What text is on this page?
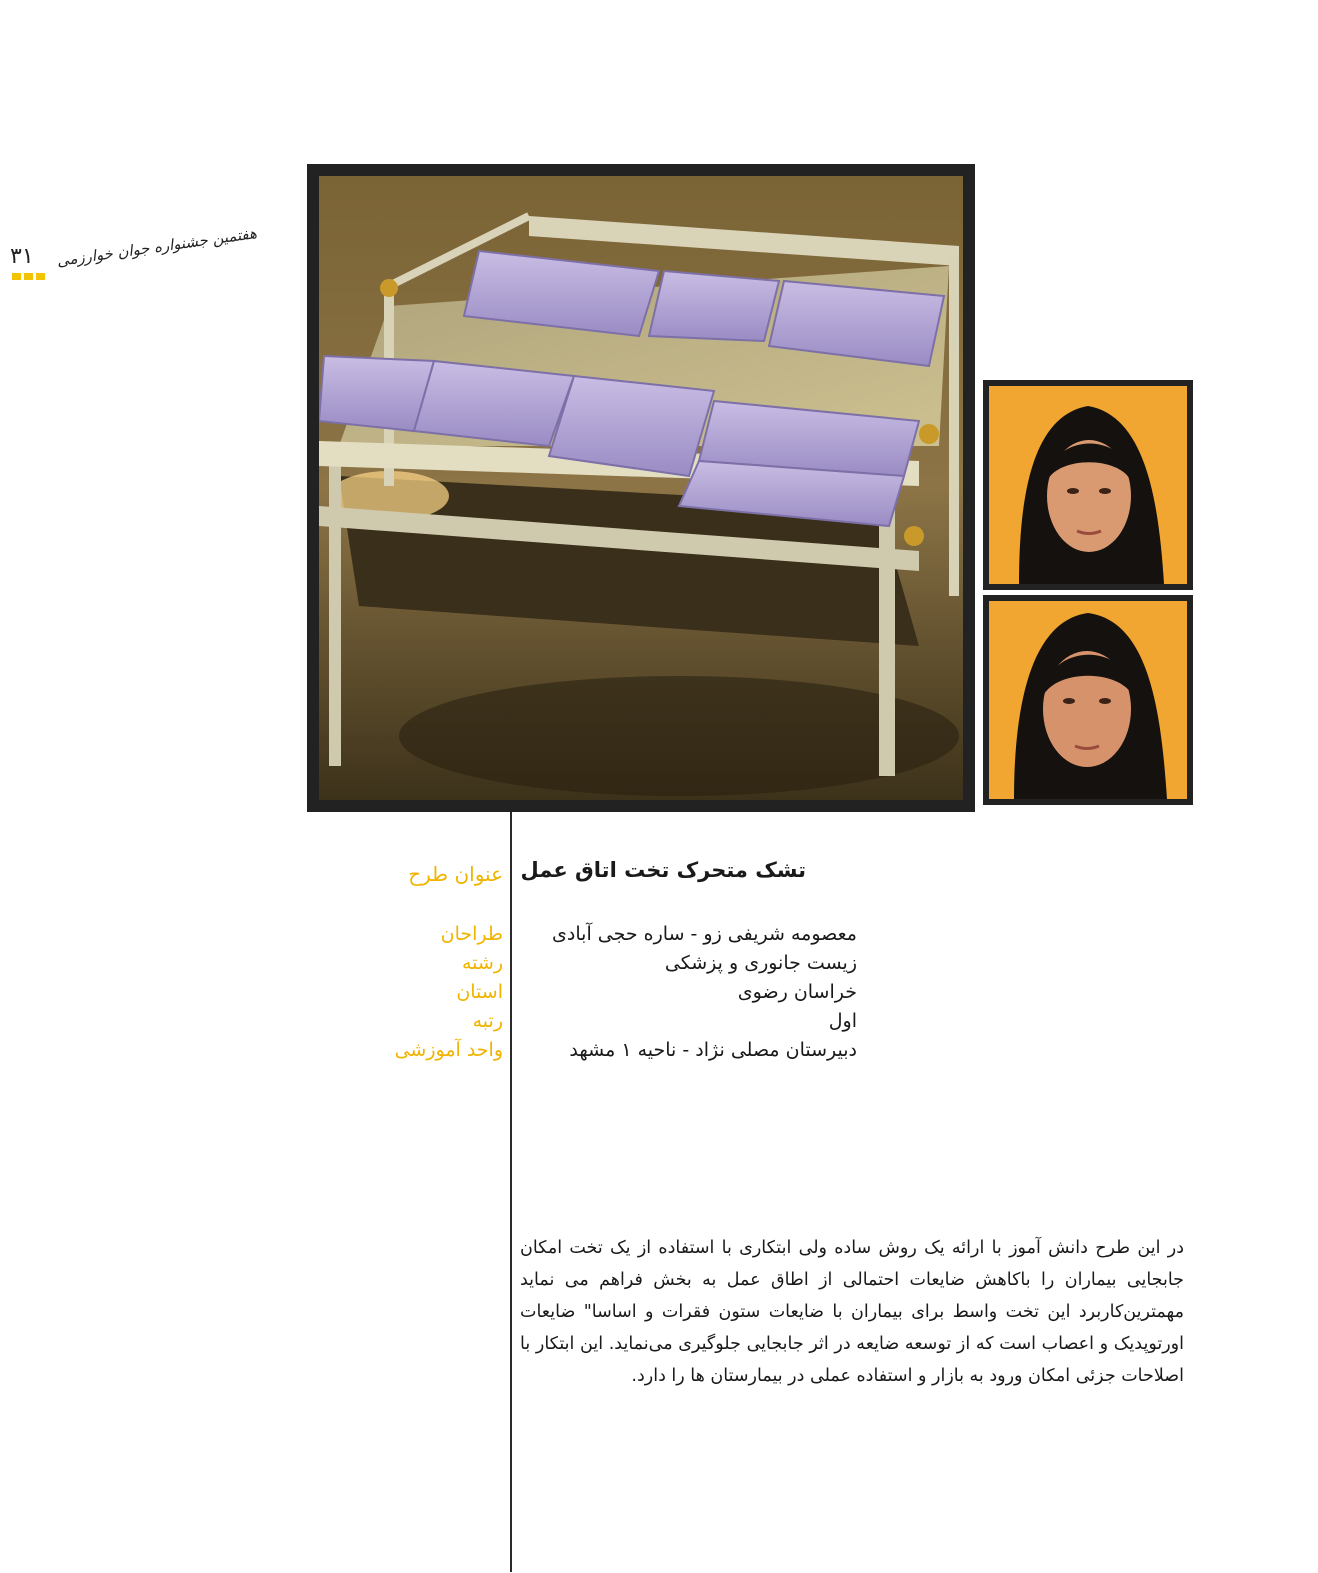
۳۱ هفتمین جشنواره جوان خوارزمی
عنوان طرح تشک متحرک تخت اتاق عمل
طراحان
رشته
استان
رتبه
واحد آموزشی
معصومه شریفی زو - ساره حجی آبادی
زیست جانوری و پزشکی
خراسان رضوی
اول
دبیرستان مصلی نژاد - ناحیه ۱ مشهد
در این طرح دانش آموز با ارائه یک روش ساده ولی ابتکاری با استفاده از یک تخت امکان جابجایی بیماران را باکاهش ضایعات احتمالی از اطاق عمل به بخش فراهم می نماید مهمترین‌کاربرد این تخت واسط برای بیماران با ضایعات ستون فقرات و اساسا" ضایعات اورتوپدیک و اعصاب است که از توسعه ضایعه در اثر جابجایی جلوگیری می‌نماید. این ابتکار با اصلاحات جزئی امکان ورود به بازار و استفاده عملی در بیمارستان ها را دارد.
